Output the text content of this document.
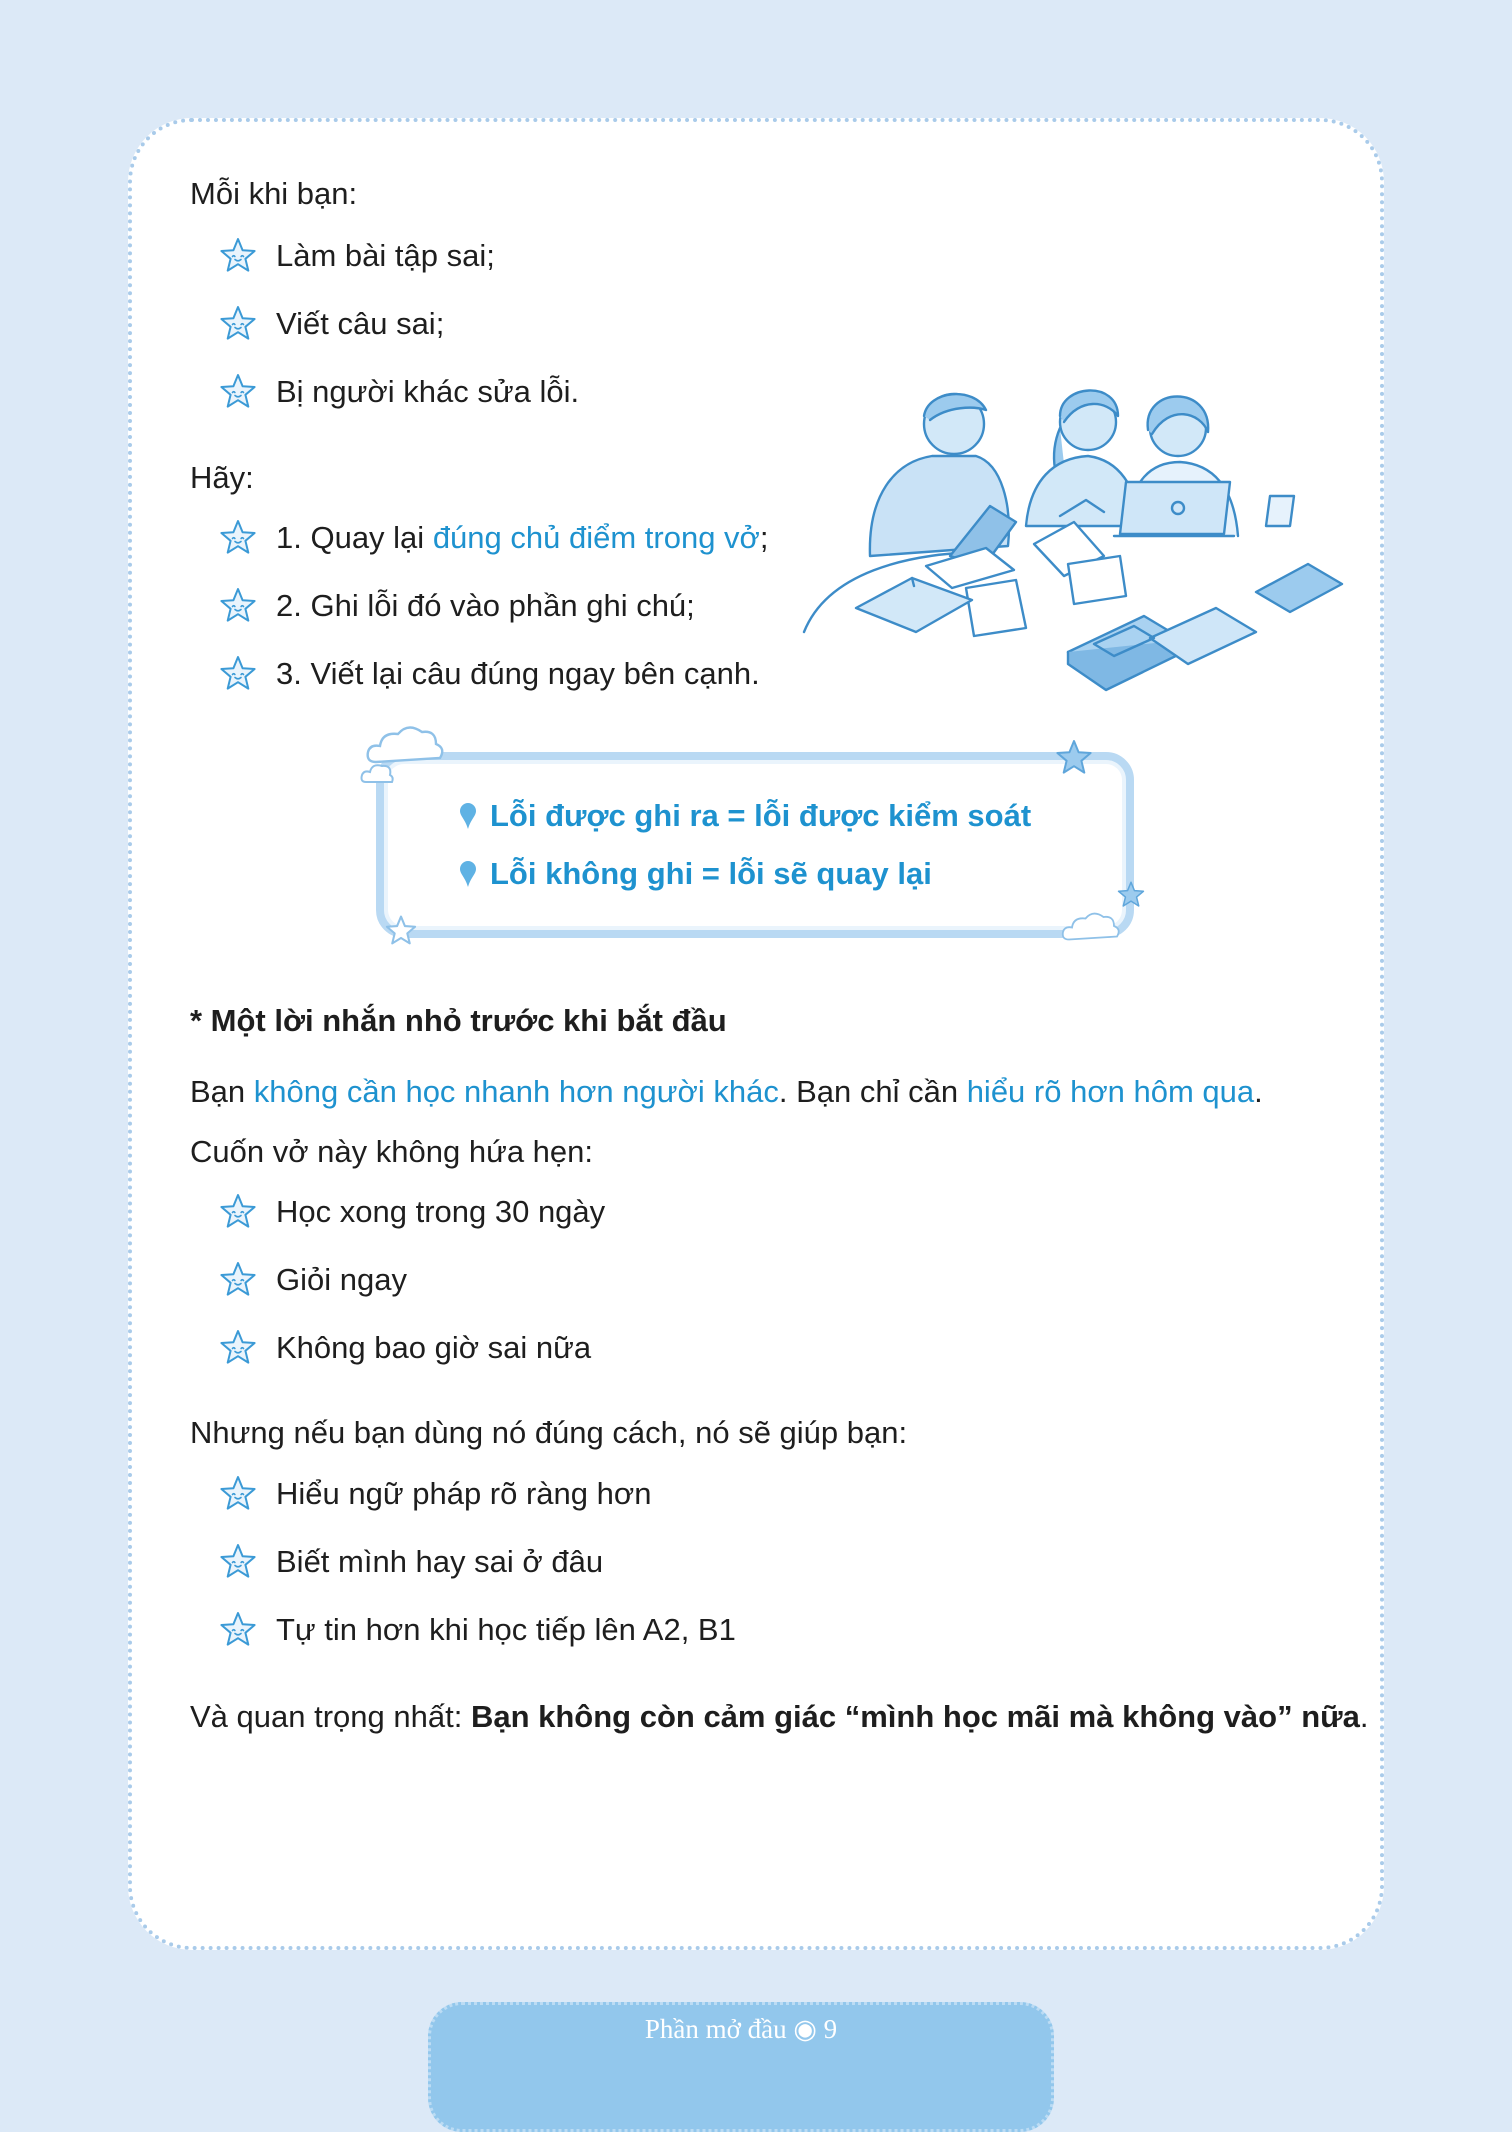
Mỗi khi bạn:
Làm bài tập sai;
Viết câu sai;
Bị người khác sửa lỗi.
Hãy:
1. Quay lại đúng chủ điểm trong vở;
2. Ghi lỗi đó vào phần ghi chú;
3. Viết lại câu đúng ngay bên cạnh.
Lỗi được ghi ra = lỗi được kiểm soát
Lỗi không ghi = lỗi sẽ quay lại
* Một lời nhắn nhỏ trước khi bắt đầu
Bạn không cần học nhanh hơn người khác. Bạn chỉ cần hiểu rõ hơn hôm qua.
Cuốn vở này không hứa hẹn:
Học xong trong 30 ngày
Giỏi ngay
Không bao giờ sai nữa
Nhưng nếu bạn dùng nó đúng cách, nó sẽ giúp bạn:
Hiểu ngữ pháp rõ ràng hơn
Biết mình hay sai ở đâu
Tự tin hơn khi học tiếp lên A2, B1
Và quan trọng nhất: Bạn không còn cảm giác “mình học mãi mà không vào” nữa.
Phần mở đầu ◉ 9
